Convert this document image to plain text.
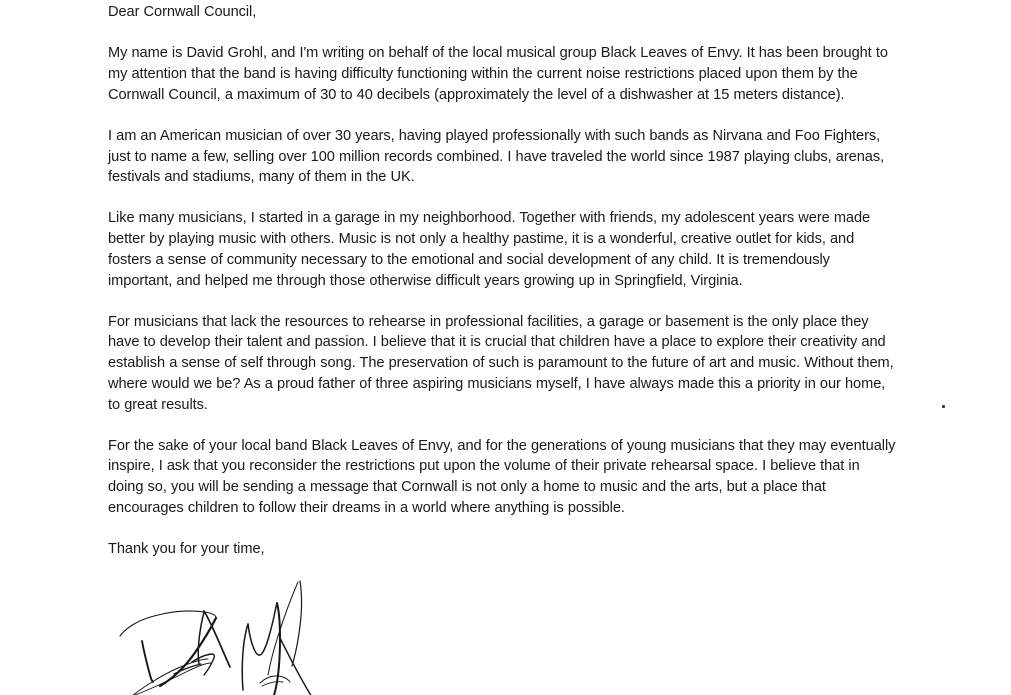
Dear Cornwall Council,

My name is David Grohl, and I'm writing on behalf of the local musical group Black Leaves of Envy. It has been brought to my attention that the band is having difficulty functioning within the current noise restrictions placed upon them by the Cornwall Council, a maximum of 30 to 40 decibels (approximately the level of a dishwasher at 15 meters distance).

I am an American musician of over 30 years, having played professionally with such bands as Nirvana and Foo Fighters, just to name a few, selling over 100 million records combined. I have traveled the world since 1987 playing clubs, arenas, festivals and stadiums, many of them in the UK.

Like many musicians, I started in a garage in my neighborhood. Together with friends, my adolescent years were made better by playing music with others. Music is not only a healthy pastime, it is a wonderful, creative outlet for kids, and fosters a sense of community necessary to the emotional and social development of any child. It is tremendously important, and helped me through those otherwise difficult years growing up in Springfield, Virginia.

For musicians that lack the resources to rehearse in professional facilities, a garage or basement is the only place they have to develop their talent and passion. I believe that it is crucial that children have a place to explore their creativity and establish a sense of self through song. The preservation of such is paramount to the future of art and music. Without them, where would we be? As a proud father of three aspiring musicians myself, I have always made this a priority in our home, to great results.

For the sake of your local band Black Leaves of Envy, and for the generations of young musicians that they may eventually inspire, I ask that you reconsider the restrictions put upon the volume of their private rehearsal space. I believe that in doing so, you will be sending a message that Cornwall is not only a home to music and the arts, but a place that encourages children to follow their dreams in a world where anything is possible.

Thank you for your time,
